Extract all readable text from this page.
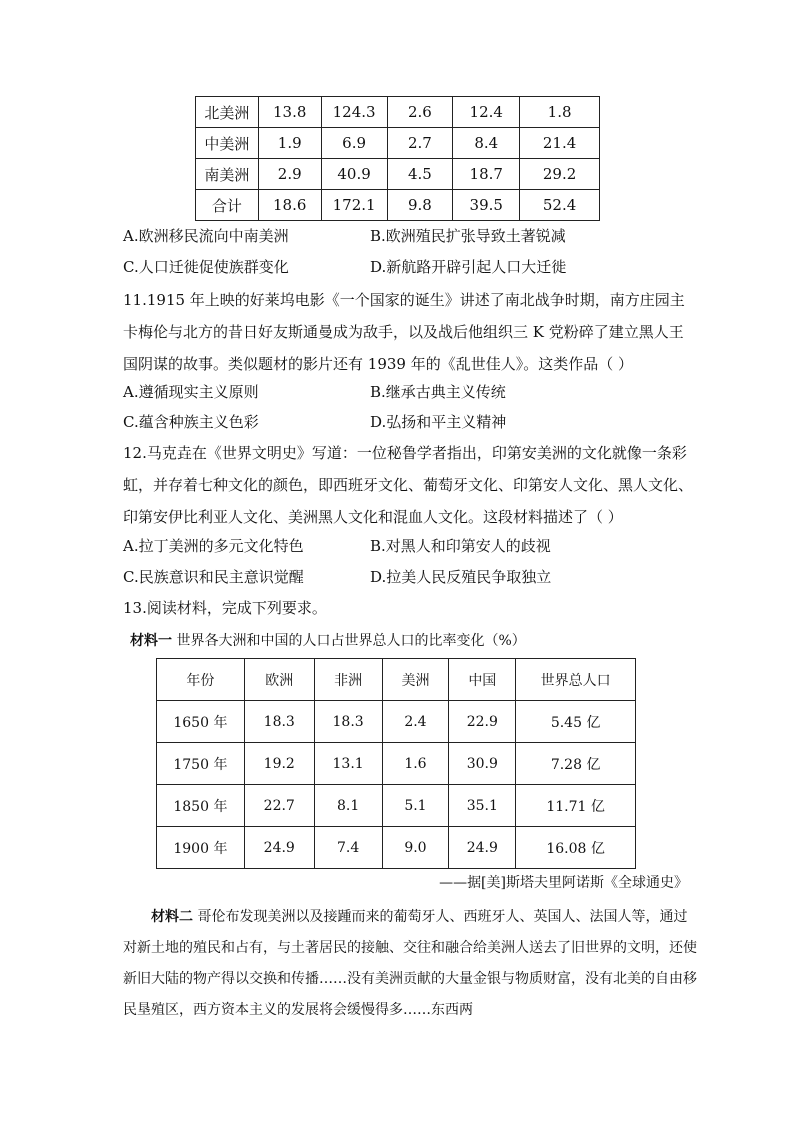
北美洲	13.8	124.3	2.6	12.4	1.8
中美洲	1.9	6.9	2.7	8.4	21.4
南美洲	2.9	40.9	4.5	18.7	29.2
合计	18.6	172.1	9.8	39.5	52.4
A.欧洲移民流向中南美洲	B.欧洲殖民扩张导致土著锐减
C.人口迁徙促使族群变化	D.新航路开辟引起人口大迁徙
11.1915 年上映的好莱坞电影《一个国家的诞生》讲述了南北战争时期，南方庄园主卡梅伦与北方的昔日好友斯通曼成为敌手，以及战后他组织三 K 党粉碎了建立黑人王国阴谋的故事。类似题材的影片还有 1939 年的《乱世佳人》。这类作品（ ）
A.遵循现实主义原则	B.继承古典主义传统
C.蕴含种族主义色彩	D.弘扬和平主义精神
12.马克垚在《世界文明史》写道：一位秘鲁学者指出，印第安美洲的文化就像一条彩虹，并存着七种文化的颜色，即西班牙文化、葡萄牙文化、印第安人文化、黑人文化、印第安伊比利亚人文化、美洲黑人文化和混血人文化。这段材料描述了（ ）
A.拉丁美洲的多元文化特色	B.对黑人和印第安人的歧视
C.民族意识和民主意识觉醒	D.拉美人民反殖民争取独立
13.阅读材料，完成下列要求。
材料一 世界各大洲和中国的人口占世界总人口的比率变化（%）
年份	欧洲	非洲	美洲	中国	世界总人口
1650 年	18.3	18.3	2.4	22.9	5.45 亿
1750 年	19.2	13.1	1.6	30.9	7.28 亿
1850 年	22.7	8.1	5.1	35.1	11.71 亿
1900 年	24.9	7.4	9.0	24.9	16.08 亿
——据[美]斯塔夫里阿诺斯《全球通史》
材料二 哥伦布发现美洲以及接踵而来的葡萄牙人、西班牙人、英国人、法国人等，通过对新土地的殖民和占有，与土著居民的接触、交往和融合给美洲人送去了旧世界的文明，还使新旧大陆的物产得以交换和传播……没有美洲贡献的大量金银与物质财富，没有北美的自由移民垦殖区，西方资本主义的发展将会缓慢得多……东西两
